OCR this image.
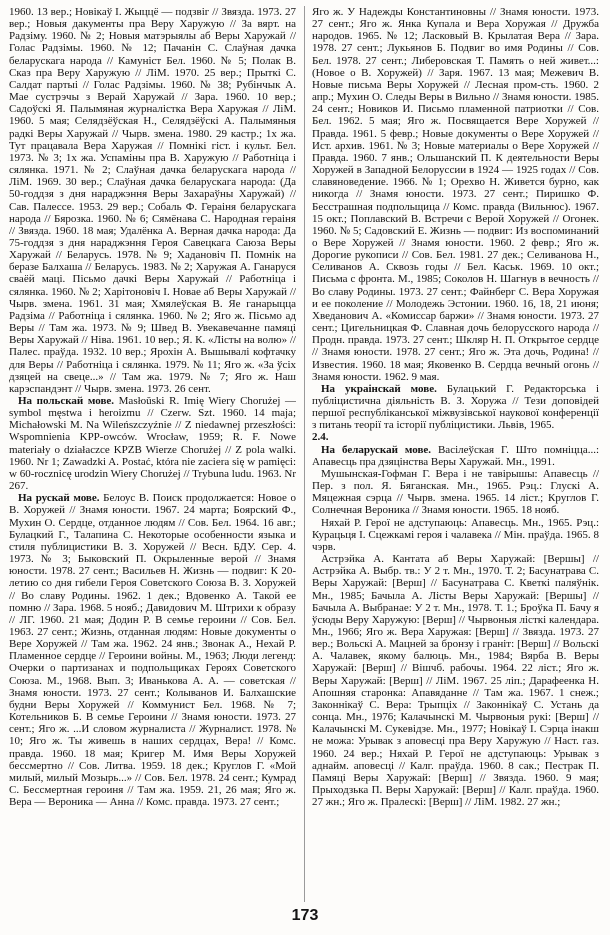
1960. 13 вер.; Новікаў І. Жыццё — подзвіг // Звязда. 1973. 27 вер.; Новыя дакументы пра Веру Харужую // За вярт. на Радзіму. 1960. № 2; Новыя матэрыялы аб Веры Харужай // Голас Радзімы. 1960. № 12; Пачанін С. Слаўная дачка беларускага народа // Камуніст Бел. 1960. № 5; Полак В. Сказ пра Веру Харужую // ЛіМ. 1970. 25 вер.; Прыткі С. Салдат партыі // Голас Радзімы. 1960. № 38; Рубінчык А. Мае сустрэчы з Верай Харужай // Зара. 1960. 10 вер.; Садоўскі Я. Палымяная журналістка Вера Харужая // ЛіМ. 1960. 5 мая; Селядзёўская Н., Селядзёўскі А. Палымяныя радкі Веры Харужай // Чырв. змена. 1980. 29 кастр.; 1х жа. Тут працавала Вера Харужая // Помнікі гіст. і культ. Бел. 1973. № 3; 1х жа. Успаміны пра В. Харужую // Работніца і сялянка. 1971. № 2; Слаўная дачка беларускага народа // ЛіМ. 1969. 30 вер.; Слаўная дачка беларускага народа: (Да 50-годдзя з дня нараджэння Веры Захараўны Харужай) // Сав. Палессе. 1953. 29 вер.; Собаль Ф. Гераіня беларускага народа // Бярозка. 1960. № 6; Сямёнава С. Народная гераіня // Звязда. 1960. 18 мая; Удалёнка А. Верная дачка народа: Да 75-годдзя з дня нараджэння Героя Савецкага Саюза Веры Харужай // Беларусь. 1978. № 9; Хадановіч П. Помнік на беразе Балхаша // Беларусь. 1983. № 2; Харужая А. Ганаруся сваёй маці. Пісьмо дачкі Веры Харужай // Работніца і сялянка. 1960. № 2; Харітоновіч І. Новае аб Веры Харужай // Чырв. змена. 1961. 31 мая; Хмялеўская В. Яе ганарыцца Радзіма // Работніца і сялянка. 1960. № 2; Яго ж. Пісьмо ад Веры // Там жа. 1973. № 9; Швед В. Увекавечанне памяці Веры Харужай // Ніва. 1961. 10 вер.; Я. К. «Лісты на волю» // Палес. праўда. 1932. 10 вер.; Ярохін А. Вышывалі кофтачку для Веры // Работніца і сялянка. 1979. № 11; Яго ж. «За ўсіх дзяцей на свеце...» // Там жа. 1979. № 7; Яго ж. Наш карэспандэнт // Чырв. змена. 1973. 26 сент.

На польскай мове. Masłoŭski R. Imię Wiery Chorużej — symbol męstwa i heroizmu // Czerw. Szt. 1960. 14 maja; Michałowski M. Na Wileńszczyźnie // Z niedawnej przeszłości: Wspomnienia KPP-owców. Wrocław, 1959; R. F. Nowe materiały o działaczce KPZB Wierze Chorużej // Z pola walki. 1960. Nr 1; Zawadzki A. Postać, która nie zaciera się w pamięci: w 60-rocznicę urodzin Wiery Chorużej // Trybuna ludu. 1963. Nr 267.

На рускай мове. Белоус В. Поиск продолжается: Новое о В. Хоружей // Знамя юности. 1967. 24 марта; Боярский Ф., Мухин О. Сердце, отданное людям // Сов. Бел. 1964. 16 авг.; Булацкий Г., Талапина С. Некоторые особенности языка и стиля публицистики В. З. Хоружей // Весн. БДУ. Сер. 4. 1973. № 3; Быковский П. Окрыленные верой // Знамя юности. 1978. 27 сент.; Васильев Н. Жизнь — подвиг: К 20-летию со дня гибели Героя Советского Союза В. З. Хоружей // Во славу Родины. 1962. 1 дек.; Вдовенко А. Такой ее помню // Зара. 1968. 5 нояб.; Давидович М. Штрихи к образу // ЛГ. 1960. 21 мая; Додин Р. В семье героини // Сов. Бел. 1963. 27 сент.; Жизнь, отданная людям: Новые документы о Вере Хоружей // Там жа. 1962. 24 янв.; Звонак А., Нехай Р. Пламенное сердце // Героини войны. М., 1963; Люди легенд: Очерки о партизанах и подпольщиках Героях Советского Союза. М., 1968. Вып. 3; Иванькова А. А. — советская // Знамя юности. 1973. 27 сент.; Колыванов И. Балхашские будни Веры Хоружей // Коммунист Бел. 1968. № 7; Котельников Б. В семье Героини // Знамя юности. 1973. 27 сент.; Яго ж. ...И словом журналиста // Журналист. 1978. № 10; Яго ж. Ты живешь в наших сердцах, Вера! // Комс. правда. 1960. 18 мая; Кригер М. Имя Веры Хоружей бессмертно // Сов. Литва. 1959. 18 дек.; Круглов Г. «Мой милый, милый Мозырь...» // Сов. Бел. 1978. 24 сент.; Кумрад С. Бессмертная героиня // Там жа. 1959. 21, 26 мая; Яго ж. Вера — Вероника — Анна // Комс. правда. 1973. 27 сент.;

Яго ж. У Надежды Константиновны // Знамя юности. 1973. 27 сент.; Яго ж. Янка Купала и Вера Хоружая // Дружба народов. 1965. № 12; Ласковый В. Крылатая Вера // Зара. 1978. 27 сент.; Лукьянов Б. Подвиг во имя Родины // Сов. Бел. 1978. 27 сент.; Либеровская Т. Память о ней живет...: (Новое о В. Хоружей) // Заря. 1967. 13 мая; Межевич В. Новые письма Веры Хоружей // Лесная пром-сть. 1960. 2 апр.; Мухин О. Следы Веры в Вильно // Знамя юности. 1985. 24 сент.; Новиков И. Письмо пламенной патриотки // Сов. Бел. 1962. 5 мая; Яго ж. Посвящается Вере Хоружей // Правда. 1961. 5 февр.; Новые документы о Вере Хоружей // Ист. архив. 1961. № 3; Новые материалы о Вере Хоружей // Правда. 1960. 7 янв.; Ольшанский П. К деятельности Веры Хоружей в Западной Белоруссии в 1924 — 1925 годах // Сов. славяноведение. 1966. № 1; Орехво Н. Живется бурно, как никогда // Знамя юности. 1973. 27 сент.; Пиришко Ф. Бесстрашная подпольщица // Комс. правда (Вильнюс). 1967. 15 окт.; Поплавский В. Встречи с Верой Хоружей // Огонек. 1960. № 5; Садовский Е. Жизнь — подвиг: Из воспоминаний о Вере Хоружей // Знамя юности. 1960. 2 февр.; Яго ж. Дорогие рукописи // Сов. Бел. 1981. 27 дек.; Селиванова Н., Селиванов А. Сквозь годы // Бел. Каськ. 1969. 10 окт.; Письма с фронта. М., 1985; Соколов Н. Шагнув в вечность // Во славу Родины. 1973. 27 сент.; Файнберг С. Вера Хоружая и ее поколение // Молодежь Эстонии. 1960. 16, 18, 21 июня; Хведанович А. «Комиссар баржи» // Знамя юности. 1973. 27 сент.; Цигельницкая Ф. Славная дочь белорусского народа // Продн. правда. 1973. 27 сент.; Шкляр Н. П. Открытое сердце // Знамя юности. 1978. 27 сент.; Яго ж. Эта дочь, Родина! // Известия. 1960. 18 мая; Яковенко В. Сердца вечный огонь // Знамя юности. 1962. 9 мая.

На украінскай мове. Булацький Г. Редакторська і публіцистична діяльність В. З. Хоружа // Тези доповідей першої республіканської міжвузівської наукової конференції з питань теорії та історії публіцистики. Львів, 1965.

2.4.

На беларускай мове. Васілеўская Г. Што помніцца...: Апавесць пра дзяцінства Веры Харужай. Мн., 1991.

Мушынская-Гофман Г. Вера і не тавірышы: Апавесць // Пер. з пол. Я. Бяганская. Мн., 1965. Рэц.: Глускі А. Мяцежная сэрца // Чырв. змена. 1965. 14 ліст.; Круглов Г. Солнечная Вероника // Знамя юности. 1965. 18 нояб.

Няхай Р. Герої не адступаюць: Апавесць. Мн., 1965. Рэц.: Курацьця І. Сцежкамі героя і чалавека // Мін. праўда. 1965. 8 чэрв.

Астрэйка А. Кантата аб Веры Харужай: [Вершы] // Астрэйка А. Выбр. тв.: У 2 т. Мн., 1970. Т. 2; Басунатрава С. Веры Харужай: [Верш] // Басунатрава С. Кветкі паляўнік. Мн., 1985; Бачыла А. Лісты Веры Харужай: [Вершы] // Бачыла А. Выбранае: У 2 т. Мн., 1978. Т. 1.; Броўка П. Бачу я ўсюды Веру Харужую: [Верш] // Чырвоныя лісткі календара. Мн., 1966; Яго ж. Вера Харужая: [Верш] // Звязда. 1973. 27 вер.; Вольскі А. Мацней за бронзу і граніт: [Верш] // Вольскі А. Чалавек, якому балюць. Мн., 1984; Вярба В. Веры Харужай: [Верш] // Вішчб. рабочы. 1964. 22 ліст.; Яго ж. Веры Харужай: [Верш] // ЛіМ. 1967. 25 ліп.; Дарафеенка Н. Апошняя старонка: Апавяданне // Там жа. 1967. 1 снеж.; Законнікаў С. Вера: Трыпціх // Законнікаў С. Устань да сонца. Мн., 1976; Калачынскі М. Чырвоныя рукі: [Верш] // Калачынскі М. Сукевідзе. Мн., 1977; Новікаў І. Сэрца інакш не можа: Урывак з аповесці пра Веру Харужую // Наст. газ. 1960. 24 вер.; Няхай Р. Герої не адступаюць: Урывак з аднайм. аповесці // Калг. праўда. 1960. 8 сак.; Пестрак П. Памяці Веры Харужай: [Верш] // Звязда. 1960. 9 мая; Прыходзька П. Веры Харужай: [Верш] // Калг. праўда. 1960. 27 жн.; Яго ж. Пралескі: [Верш] // ЛіМ. 1982. 27 жн.;

173
